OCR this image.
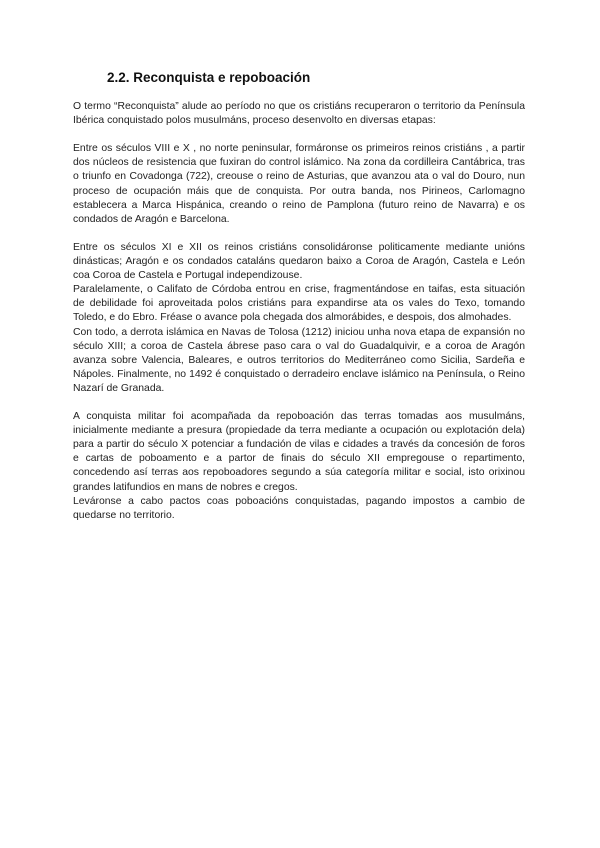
2.2. Reconquista e repoboación

O termo “Reconquista” alude ao período no que os cristiáns recuperaron o territorio da Península Ibérica conquistado polos musulmáns, proceso desenvolto en diversas etapas:

Entre os séculos VIII e X , no norte peninsular, formáronse os primeiros reinos cristiáns , a partir dos núcleos de resistencia que fuxiran do control islámico. Na zona da cordilleira Cantábrica, tras o triunfo en Covadonga (722), creouse o reino de Asturias, que avanzou ata o val do Douro, nun proceso de ocupación máis que de conquista. Por outra banda, nos Pirineos, Carlomagno establecera a Marca Hispánica, creando o reino de Pamplona (futuro reino de Navarra) e os condados de Aragón e Barcelona.

Entre os séculos XI e XII os reinos cristiáns consolidáronse politicamente mediante unións dinásticas; Aragón e os condados cataláns quedaron baixo a Coroa de Aragón, Castela e León coa Coroa de Castela e Portugal independizouse.

Paralelamente, o Califato de Córdoba entrou en crise, fragmentándose en taifas, esta situación de debilidade foi aproveitada polos cristiáns para expandirse ata os vales do Texo, tomando Toledo, e do Ebro. Fréase o avance pola chegada dos almorábides, e despois, dos almohades.

Con todo, a derrota islámica en Navas de Tolosa (1212) iniciou unha nova etapa de expansión no século XIII; a coroa de Castela ábrese paso cara o val do Guadalquivir, e a coroa de Aragón avanza sobre Valencia, Baleares, e outros territorios do Mediterráneo como Sicilia, Sardeña e Nápoles. Finalmente, no 1492 é conquistado o derradeiro enclave islámico na Península, o Reino Nazarí de Granada.

A conquista militar foi acompañada da repoboación das terras tomadas aos musulmáns, inicialmente mediante a presura (propiedade da terra mediante a ocupación ou explotación dela) para a partir do século X potenciar a fundación de vilas e cidades a través da concesión de foros e cartas de poboamento e a partor de finais do século XII empregouse o repartimento, concedendo así terras aos repoboadores segundo a súa categoría militar e social, isto orixinou grandes latifundios en mans de nobres e cregos.

Leváronse a cabo pactos coas poboacións conquistadas, pagando impostos a cambio de quedarse no territorio.
